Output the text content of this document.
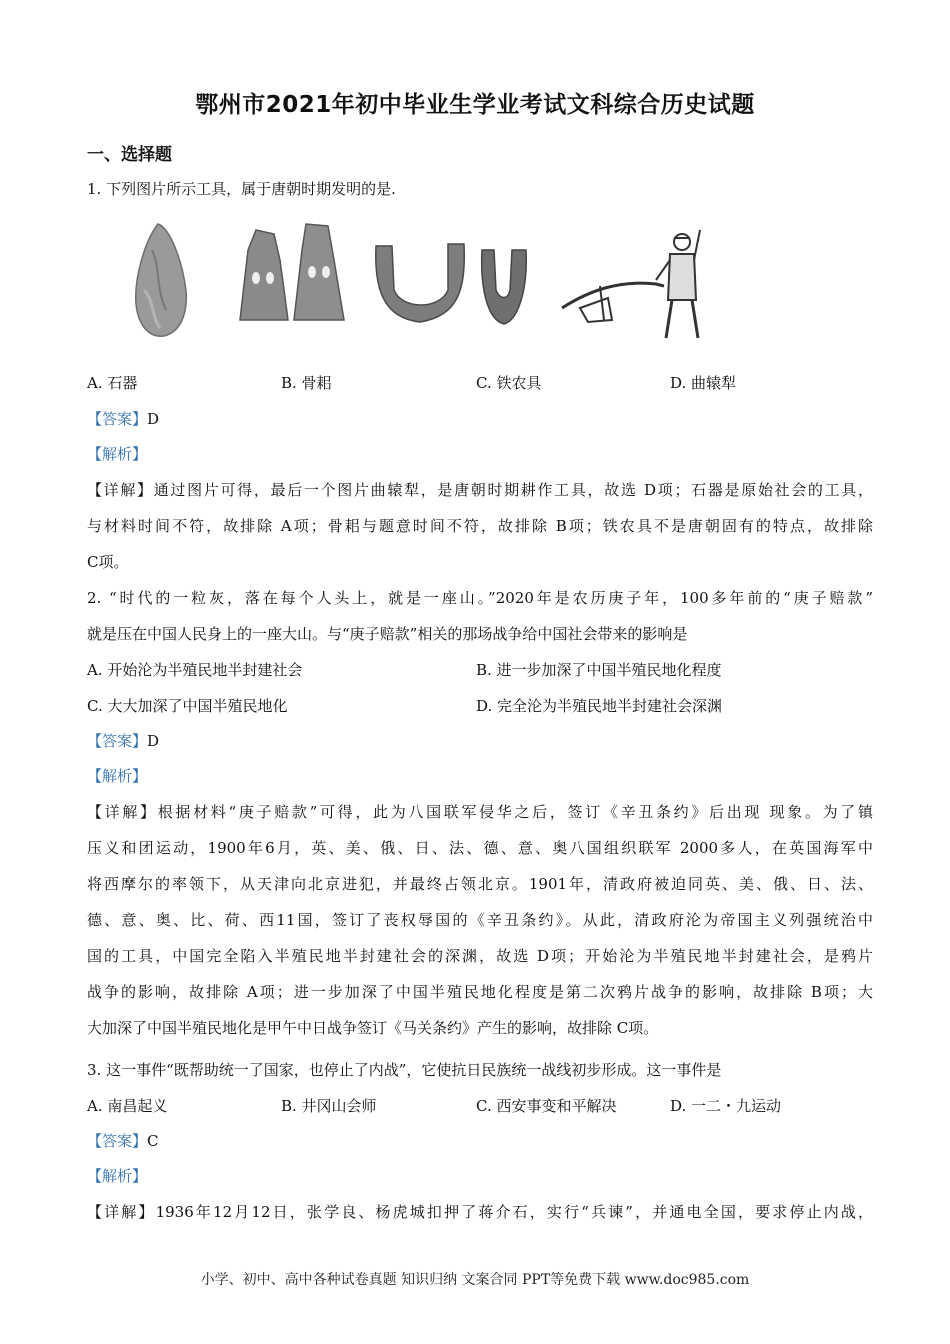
鄂州市2021年初中毕业生学业考试文科综合历史试题
一、选择题
1. 下列图片所示工具，属于唐朝时期发明的是.
A. 石器	B. 骨耜	C. 铁农具	D. 曲辕犁
【答案】D
【解析】
【详解】通过图片可得，最后一个图片曲辕犁，是唐朝时期耕作工具，故选 D项；石器是原始社会的工具，
与材料时间不符，故排除 A项；骨耜与题意时间不符，故排除 B项；铁农具不是唐朝固有的特点，故排除
C项。
2. “时代的一粒灰，落在每个人头上，就是一座山。”2020年是农历庚子年，100多年前的“庚子赔款”
就是压在中国人民身上的一座大山。与“庚子赔款”相关的那场战争给中国社会带来的影响是
A. 开始沦为半殖民地半封建社会	B. 进一步加深了中国半殖民地化程度
C. 大大加深了中国半殖民地化	D. 完全沦为半殖民地半封建社会深渊
【答案】D
【解析】
【详解】根据材料“庚子赔款”可得，此为八国联军侵华之后，签订《辛丑条约》后出现 现象。为了镇
压义和团运动，1900年6月，英、美、俄、日、法、德、意、奥八国组织联军 2000多人，在英国海军中
将西摩尔的率领下，从天津向北京进犯，并最终占领北京。1901年，清政府被迫同英、美、俄、日、法、
德、意、奥、比、荷、西11国，签订了丧权辱国的《辛丑条约》。从此，清政府沦为帝国主义列强统治中
国的工具，中国完全陷入半殖民地半封建社会的深渊，故选 D项；开始沦为半殖民地半封建社会，是鸦片
战争的影响，故排除 A项；进一步加深了中国半殖民地化程度是第二次鸦片战争的影响，故排除 B项；大
大加深了中国半殖民地化是甲午中日战争签订《马关条约》产生的影响，故排除 C项。
3. 这一事件“既帮助统一了国家，也停止了内战”，它使抗日民族统一战线初步形成。这一事件是
A. 南昌起义	B. 井冈山会师	C. 西安事变和平解决	D. 一二・九运动
【答案】C
【解析】
【详解】1936年12月12日，张学良、杨虎城扣押了蒋介石，实行“兵谏”，并通电全国，要求停止内战，
小学、初中、高中各种试卷真题 知识归纳 文案合同 PPT等免费下载 www.doc985.com
